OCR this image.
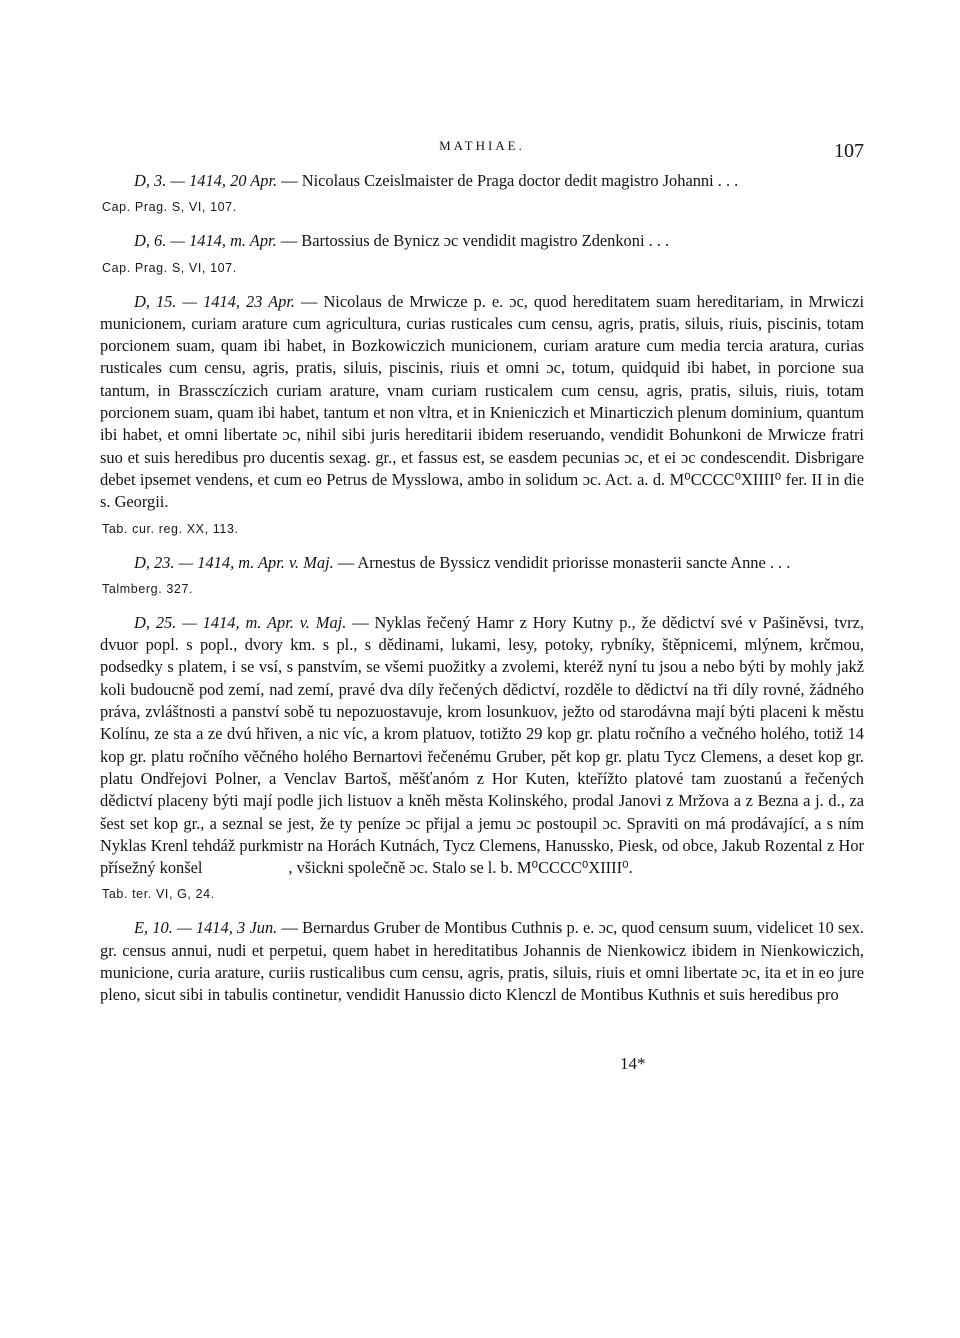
MATHIAE.	107

D, 3. — 1414, 20 Apr. — Nicolaus Czeislmaister de Praga doctor dedit magistro Johanni . . .

Cap. Prag. S, VI, 107.

D, 6. — 1414, m. Apr. — Bartossius de Bynicz ɔc vendidit magistro Zdenkoni . . .

Cap. Prag. S, VI, 107.

D, 15. — 1414, 23 Apr. — Nicolaus de Mrwicze p. e. ɔc, quod hereditatem suam hereditariam, in Mrwiczi municionem, curiam arature cum agricultura, curias rusticales cum censu, agris, pratis, siluis, riuis, piscinis, totam porcionem suam, quam ibi habet, in Bozkowiczich municionem, curiam arature cum media tercia aratura, curias rusticales cum censu, agris, pratis, siluis, piscinis, riuis et omni ɔc, totum, quidquid ibi habet, in porcione sua tantum, in Brassczíczich curiam arature, vnam curiam rusticalem cum censu, agris, pratis, siluis, riuis, totam porcionem suam, quam ibi habet, tantum et non vltra, et in Knieniczich et Minarticzich plenum dominium, quantum ibi habet, et omni libertate ɔc, nihil sibi juris hereditarii ibidem reseruando, vendidit Bohunkoni de Mrwicze fratri suo et suis heredibus pro ducentis sexag. gr., et fassus est, se easdem pecunias ɔc, et ei ɔc condescendit. Disbrigare debet ipsemet vendens, et cum eo Petrus de Mysslowa, ambo in solidum ɔc. Act. a. d. M⁰CCCC⁰XIIII⁰ fer. II in die s. Georgii.

Tab. cur. reg. XX, 113.

D, 23. — 1414, m. Apr. v. Maj. — Arnestus de Byssicz vendidit priorisse monasterii sancte Anne . . .

Talmberg. 327.

D, 25. — 1414, m. Apr. v. Maj. — Nyklas řečený Hamr z Hory Kutny p., že dědictví své v Pašiněvsi, tvrz, dvuor popl. s popl., dvory km. s pl., s dědinami, lukami, lesy, potoky, rybníky, štěpnicemi, mlýnem, krčmou, podsedky s platem, i se vsí, s panstvím, se všemi puožitky a zvolemi, kteréž nyní tu jsou a nebo býti by mohly jakž koli budoucně pod zemí, nad zemí, pravé dva díly řečených dědictví, rozděle to dědictví na tři díly rovné, žádného práva, zvláštnosti a panství sobě tu nepozuostavuje, krom losunkuov, ježto od starodávna mají býti placeni k městu Kolínu, ze sta a ze dvú hřiven, a nic víc, a krom platuov, totižto 29 kop gr. platu ročního a večného holého, totiž 14 kop gr. platu ročního věčného holého Bernartovi řečenému Gruber, pět kop gr. platu Tycz Clemens, a deset kop gr. platu Ondřejovi Polner, a Venclav Bartoš, měšťanóm z Hor Kuten, kteřížto platové tam zuostanú a řečených dědictví placeny býti mají podle jich listuov a kněh města Kolinského, prodal Janovi z Mržova a z Bezna a j. d., za šest set kop gr., a seznal se jest, že ty peníze ɔc přijal a jemu ɔc postoupil ɔc. Spraviti on má prodávající, a s ním Nyklas Krenl tehdáž purkmistr na Horách Kutnách, Tycz Clemens, Hanussko, Piesk, od obce, Jakub Rozental z Hor přísežný konšel	, všickni společně ɔc. Stalo se l. b. M⁰CCCC⁰XIIII⁰.

Tab. ter. VI, G, 24.

E, 10. — 1414, 3 Jun. — Bernardus Gruber de Montibus Cuthnis p. e. ɔc, quod censum suum, videlicet 10 sex. gr. census annui, nudi et perpetui, quem habet in hereditatibus Johannis de Nienkowicz ibidem in Nienkowiczich, municione, curia arature, curiis rusticalibus cum censu, agris, pratis, siluis, riuis et omni libertate ɔc, ita et in eo jure pleno, sicut sibi in tabulis continetur, vendidit Hanussio dicto Klenczl de Montibus Kuthnis et suis heredibus pro

14*
